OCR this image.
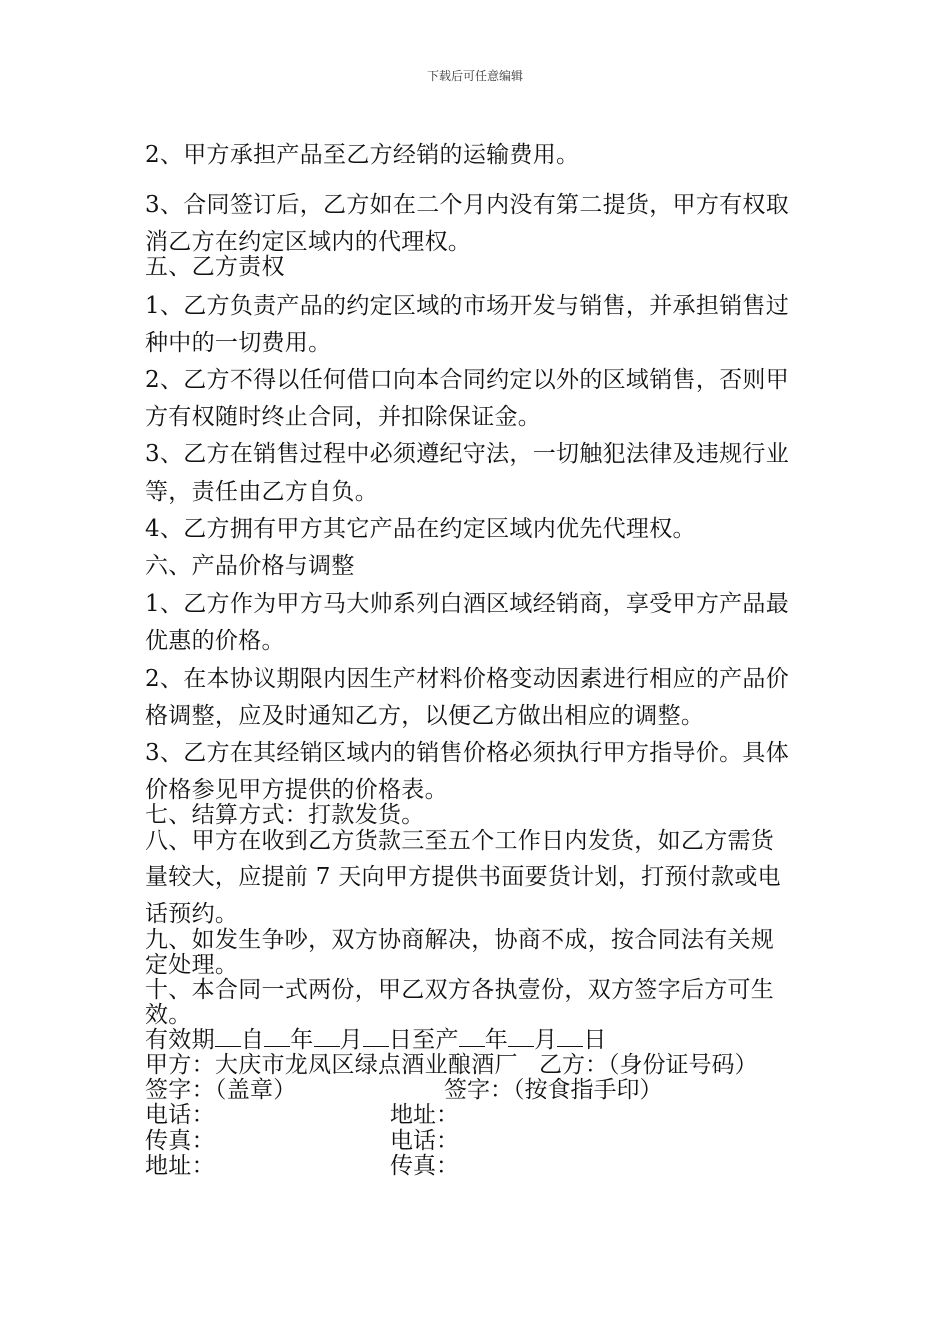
下载后可任意编辑
2、甲方承担产品至乙方经销的运输费用。
3、合同签订后，乙方如在二个月内没有第二提货，甲方有权取
消乙方在约定区域内的代理权。
五、乙方责权
1、乙方负责产品的约定区域的市场开发与销售，并承担销售过
种中的一切费用。
2、乙方不得以任何借口向本合同约定以外的区域销售，否则甲
方有权随时终止合同，并扣除保证金。
3、乙方在销售过程中必须遵纪守法，一切触犯法律及违规行业
等，责任由乙方自负。
4、乙方拥有甲方其它产品在约定区域内优先代理权。
六、产品价格与调整
1、乙方作为甲方马大帅系列白酒区域经销商，享受甲方产品最
优惠的价格。
2、在本协议期限内因生产材料价格变动因素进行相应的产品价
格调整，应及时通知乙方，以便乙方做出相应的调整。
3、乙方在其经销区域内的销售价格必须执行甲方指导价。具体
价格参见甲方提供的价格表。
七、结算方式：打款发货。
八、甲方在收到乙方货款三至五个工作日内发货，如乙方需货
量较大，应提前 7 天向甲方提供书面要货计划，打预付款或电
话预约。
九、如发生争吵，双方协商解决，协商不成，按合同法有关规
定处理。
十、本合同一式两份，甲乙双方各执壹份，双方签字后方可生
效。
有效期 自 年 月 日至产 年 月 日
甲方：大庆市龙凤区绿点酒业酿酒厂 乙方：（身份证号码）
签字：（盖章）	签字：（按食指手印）
电话：	地址：
传真：	电话：
地址：	传真：
